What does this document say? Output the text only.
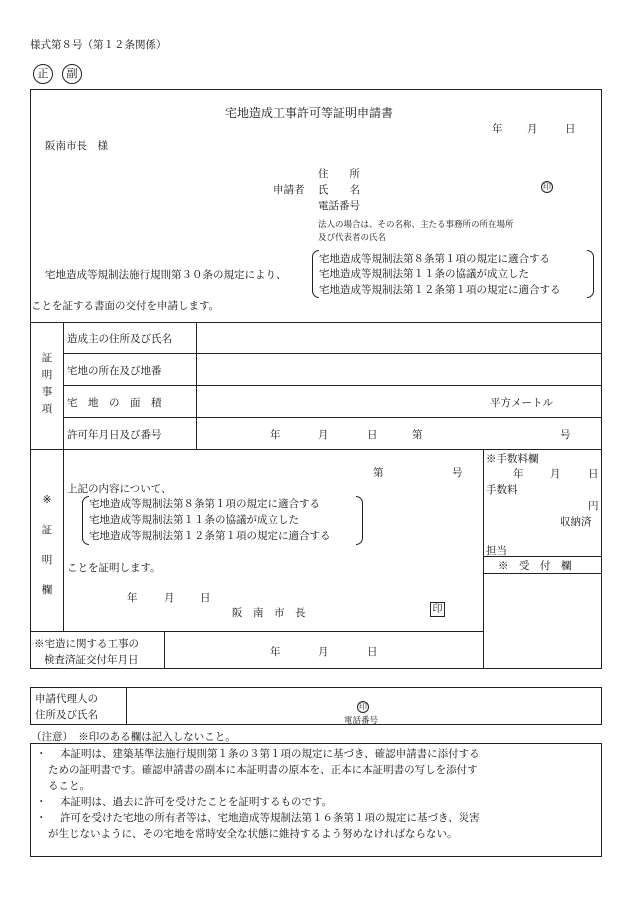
様式第８号（第１２条関係）
正	副
宅地造成工事許可等証明申請書
年 月	日
阪南市長　様
住　　所
申請者 氏　　名	印
電話番号
法人の場合は、その名称、主たる事務所の所在場所
及び代表者の氏名
宅地造成等規制法施行規則第３０条の規定により、
宅地造成等規制法第８条第１項の規定に適合する
宅地造成等規制法第１１条の協議が成立した
宅地造成等規制法第１２条第１項の規定に適合する
ことを証する書面の交付を申請します。
証
明
事
項
造成主の住所及び氏名
宅地の所在及び地番
宅　地　の　面　積	平方メートル
許可年月日及び番号	年	月	日	第	号
※
証
明
欄
第	号
上記の内容について、
宅地造成等規制法第８条第１項の規定に適合する
宅地造成等規制法第１１条の協議が成立した
宅地造成等規制法第１２条第１項の規定に適合する
ことを証明します。
年	月 日
阪　南　市　長	印
※手数料欄
年	月	日
手数料
円
収納済
担当
※　受　付　欄
※宅造に関する工事の
検査済証交付年月日
年	月	日
申請代理人の
住所及び氏名
印
電話番号
（注意）　※印のある欄は記入しないこと。
・ 本証明は、建築基準法施行規則第１条の３第１項の規定に基づき、確認申請書に添付する
ための証明書です。確認申請書の副本に本証明書の原本を、正本に本証明書の写しを添付す
ること。
・ 本証明は、過去に許可を受けたことを証明するものです。
・ 許可を受けた宅地の所有者等は、宅地造成等規制法第１６条第１項の規定に基づき、災害
が生じないように、その宅地を常時安全な状態に維持するよう努めなければならない。
